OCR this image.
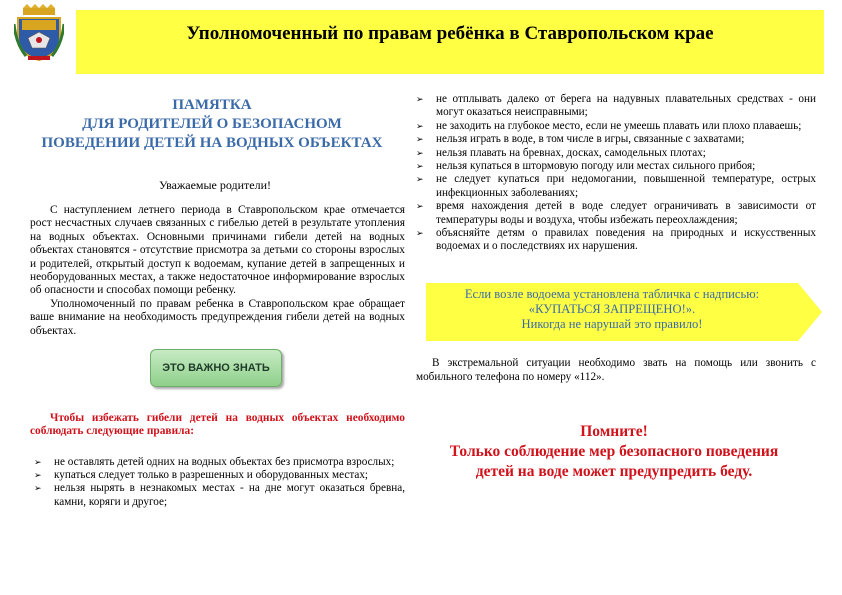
Уполномоченный по правам ребёнка в Ставропольском крае
ПАМЯТКА
ДЛЯ РОДИТЕЛЕЙ О БЕЗОПАСНОМ
ПОВЕДЕНИИ ДЕТЕЙ НА ВОДНЫХ ОБЪЕКТАХ
Уважаемые родители!

С наступлением летнего периода в Ставропольском крае отмечается рост несчастных случаев связанных с гибелью детей в результате утопления на водных объектах. Основными причинами гибели детей на водных объектах становятся - отсутствие присмотра за детьми со стороны взрослых и родителей, открытый доступ к водоемам, купание детей в запрещенных и необорудованных местах, а также недостаточное информирование взрослых об опасности и способах помощи ребенку.

Уполномоченный по правам ребенка в Ставропольском крае обращает ваше внимание на необходимость предупреждения гибели детей на водных объектах.

ЭТО ВАЖНО ЗНАТЬ
Чтобы избежать гибели детей на водных объектах необходимо соблюдать следующие правила:
➢ не оставлять детей одних на водных объектах без присмотра взрослых;
➢ купаться следует только в разрешенных и оборудованных местах;
➢ нельзя нырять в незнакомых местах - на дне могут оказаться бревна, камни, коряги и другое;
➢ не отплывать далеко от берега на надувных плавательных средствах - они могут оказаться неисправными;
➢ не заходить на глубокое место, если не умеешь плавать или плохо плаваешь;
➢ нельзя играть в воде, в том числе в игры, связанные с захватами;
➢ нельзя плавать на бревнах, досках, самодельных плотах;
➢ нельзя купаться в штормовую погоду или местах сильного прибоя;
➢ не следует купаться при недомогании, повышенной температуре, острых инфекционных заболеваниях;
➢ время нахождения детей в воде следует ограничивать в зависимости от температуры воды и воздуха, чтобы избежать переохлаждения;
➢ объясняйте детям о правилах поведения на природных и искусственных водоемах и о последствиях их нарушения.
Если возле водоема установлена табличка с надписью:
«КУПАТЬСЯ ЗАПРЕЩЕНО!».
Никогда не нарушай это правило!
В экстремальной ситуации необходимо звать на помощь или звонить с мобильного телефона по номеру «112».
Помните!
Только соблюдение мер безопасного поведения
детей на воде может предупредить беду.
